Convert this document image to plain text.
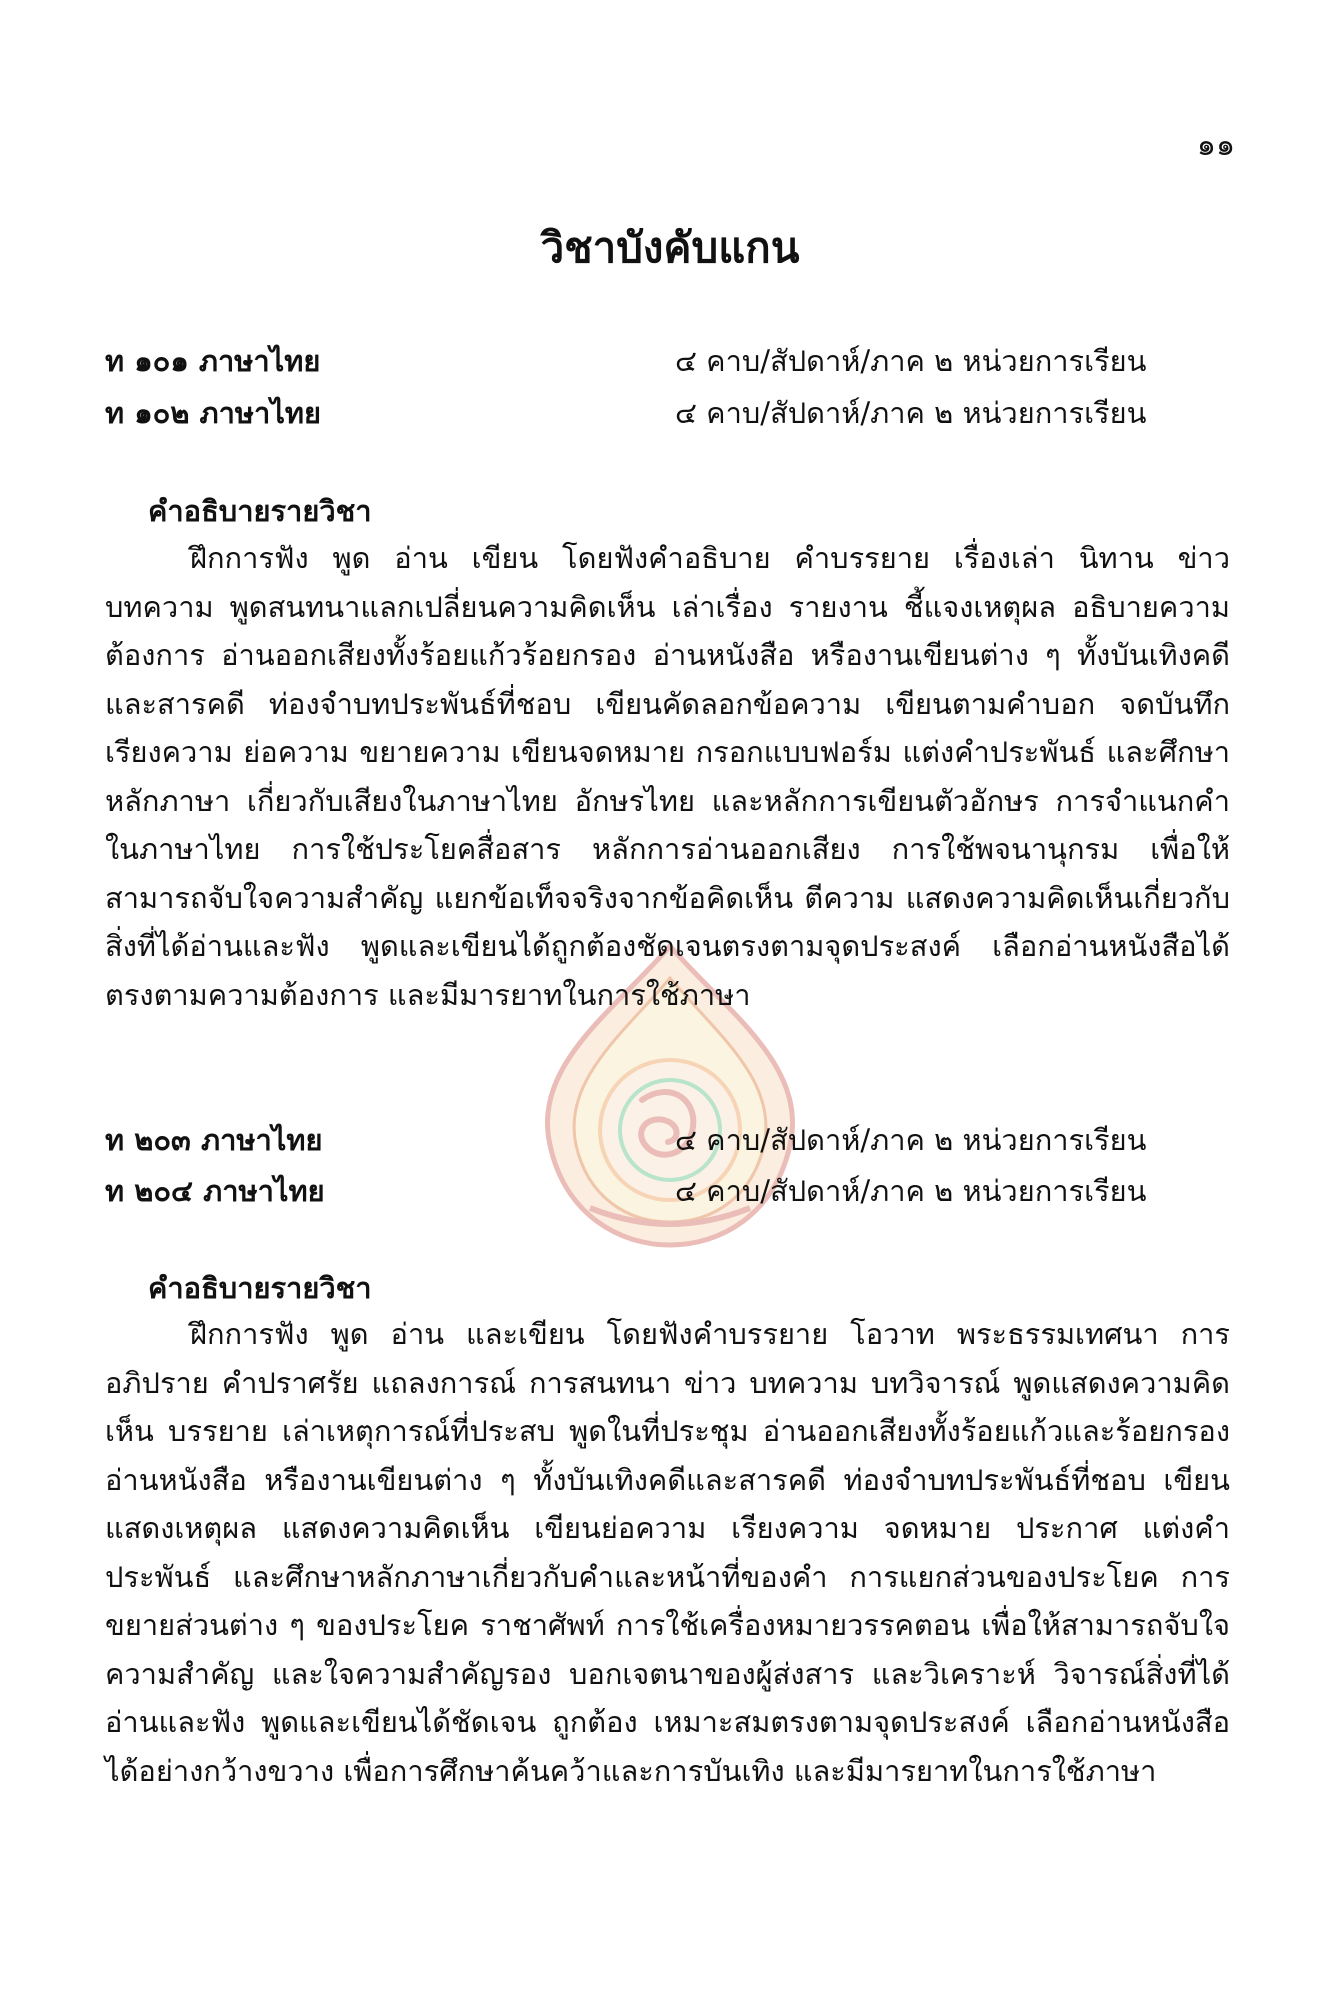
๑๑
วิชาบังคับแกน
ท ๑๐๑ ภาษาไทย	๔ คาบ/สัปดาห์/ภาค ๒ หน่วยการเรียน
ท ๑๐๒ ภาษาไทย	๔ คาบ/สัปดาห์/ภาค ๒ หน่วยการเรียน
คำอธิบายรายวิชา

ฝึกการฟัง พูด อ่าน เขียน โดยฟังคำอธิบาย คำบรรยาย เรื่องเล่า นิทาน ข่าว บทความ พูดสนทนาแลกเปลี่ยนความคิดเห็น เล่าเรื่อง รายงาน ชี้แจงเหตุผล อธิบายความต้องการ อ่านออกเสียงทั้งร้อยแก้วร้อยกรอง อ่านหนังสือ หรืองานเขียนต่าง ๆ ทั้งบันเทิงคดีและสารคดี ท่องจำบทประพันธ์ที่ชอบ เขียนคัดลอกข้อความ เขียนตามคำบอก จดบันทึก เรียงความ ย่อความ ขยายความ เขียนจดหมาย กรอกแบบฟอร์ม แต่งคำประพันธ์ และศึกษาหลักภาษา เกี่ยวกับเสียงในภาษาไทย อักษรไทย และหลักการเขียนตัวอักษร การจำแนกคำในภาษาไทย การใช้ประโยคสื่อสาร หลักการอ่านออกเสียง การใช้พจนานุกรม เพื่อให้สามารถจับใจความสำคัญ แยกข้อเท็จจริงจากข้อคิดเห็น ตีความ แสดงความคิดเห็นเกี่ยวกับสิ่งที่ได้อ่านและฟัง พูดและเขียนได้ถูกต้องชัดเจนตรงตามจุดประสงค์ เลือกอ่านหนังสือได้ตรงตามความต้องการ และมีมารยาทในการใช้ภาษา

ท ๒๐๓ ภาษาไทย	๔ คาบ/สัปดาห์/ภาค ๒ หน่วยการเรียน
ท ๒๐๔ ภาษาไทย	๔ คาบ/สัปดาห์/ภาค ๒ หน่วยการเรียน
คำอธิบายรายวิชา

ฝึกการฟัง พูด อ่าน และเขียน โดยฟังคำบรรยาย โอวาท พระธรรมเทศนา การอภิปราย คำปราศรัย แถลงการณ์ การสนทนา ข่าว บทความ บทวิจารณ์ พูดแสดงความคิดเห็น บรรยาย เล่าเหตุการณ์ที่ประสบ พูดในที่ประชุม อ่านออกเสียงทั้งร้อยแก้วและร้อยกรอง อ่านหนังสือ หรืองานเขียนต่าง ๆ ทั้งบันเทิงคดีและสารคดี ท่องจำบทประพันธ์ที่ชอบ เขียนแสดงเหตุผล แสดงความคิดเห็น เขียนย่อความ เรียงความ จดหมาย ประกาศ แต่งคำประพันธ์ และศึกษาหลักภาษาเกี่ยวกับคำและหน้าที่ของคำ การแยกส่วนของประโยค การขยายส่วนต่าง ๆ ของประโยค ราชาศัพท์ การใช้เครื่องหมายวรรคตอน เพื่อให้สามารถจับใจความสำคัญ และใจความสำคัญรอง บอกเจตนาของผู้ส่งสาร และวิเคราะห์ วิจารณ์สิ่งที่ได้อ่านและฟัง พูดและเขียนได้ชัดเจน ถูกต้อง เหมาะสมตรงตามจุดประสงค์ เลือกอ่านหนังสือได้อย่างกว้างขวาง เพื่อการศึกษาค้นคว้าและการบันเทิง และมีมารยาทในการใช้ภาษา
